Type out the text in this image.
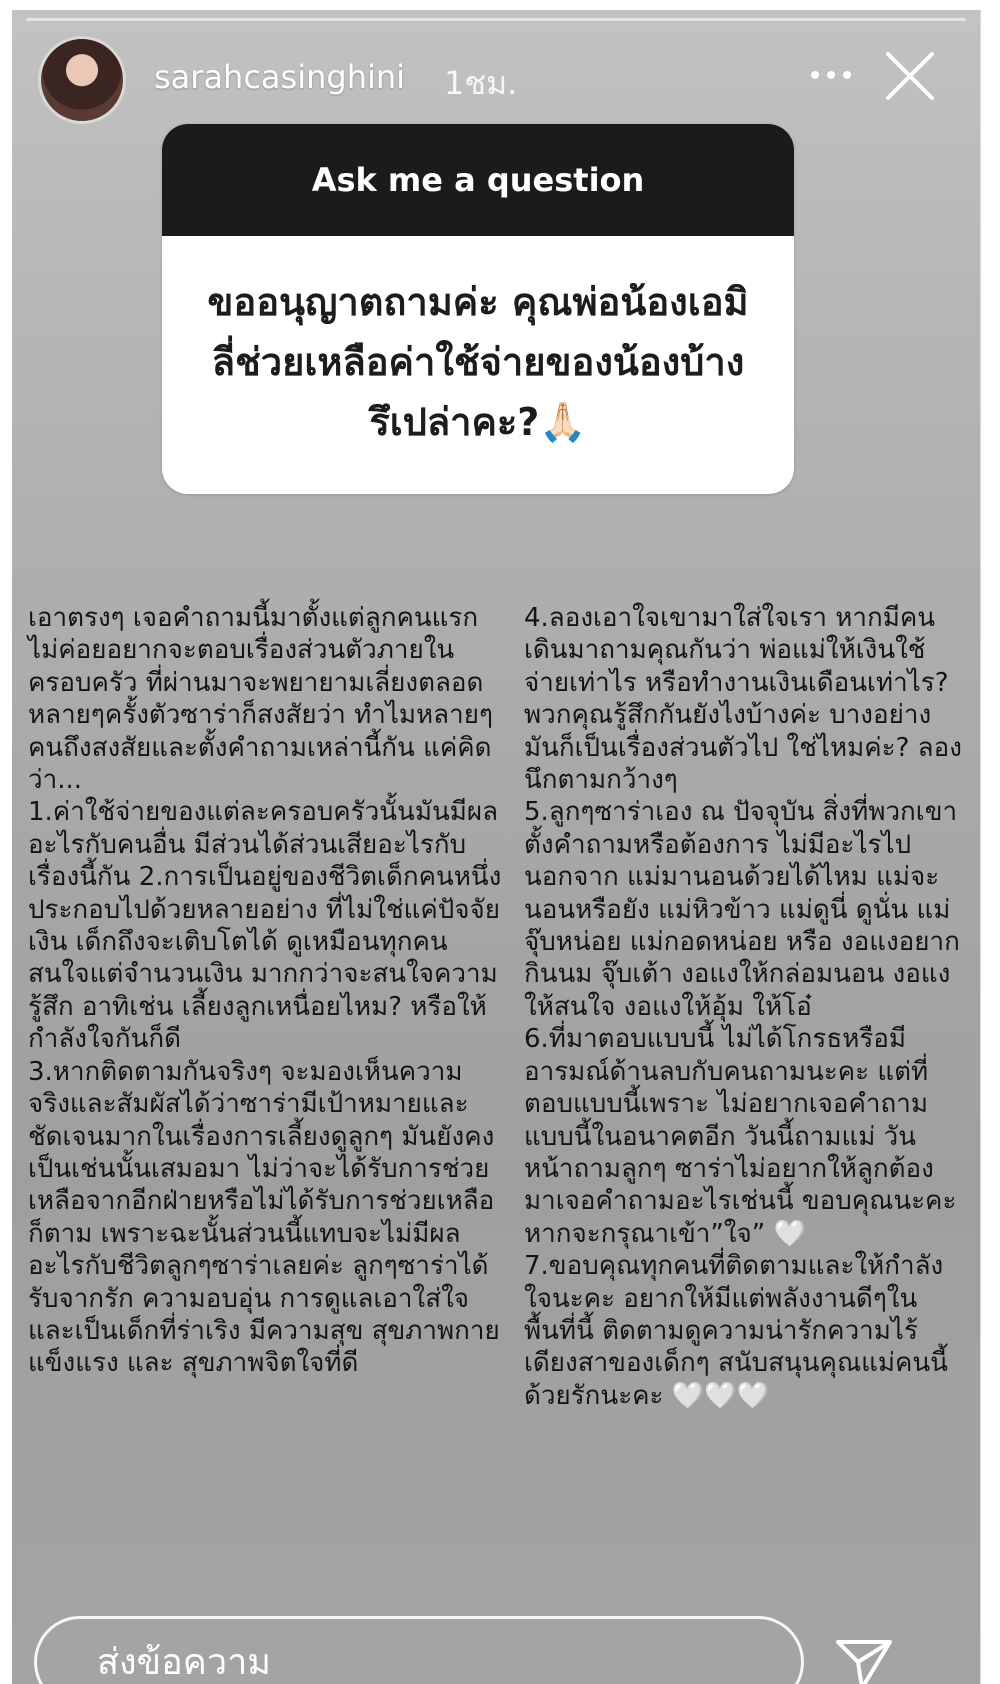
sarahcasinghini 1ชม.
Ask me a question
ขออนุญาตถามค่ะ คุณพ่อน้องเอมิลี่ช่วยเหลือค่าใช้จ่ายของน้องบ้างรึเปล่าคะ?🙏🏻

เอาตรงๆ เจอคำถามนี้มาตั้งแต่ลูกคนแรก ไม่ค่อยอยากจะตอบเรื่องส่วนตัวภายในครอบครัว ที่ผ่านมาจะพยายามเลี่ยงตลอด หลายๆครั้งตัวซาร่าก็สงสัยว่า ทำไมหลายๆคนถึงสงสัยและตั้งคำถามเหล่านี้กัน แค่คิดว่า...

1.ค่าใช้จ่ายของแต่ละครอบครัวนั้นมันมีผลอะไรกับคนอื่น มีส่วนได้ส่วนเสียอะไรกับเรื่องนี้กัน 2.การเป็นอยู่ของชีวิตเด็กคนหนึ่งประกอบไปด้วยหลายอย่าง ที่ไม่ใช่แค่ปัจจัยเงิน เด็กถึงจะเติบโตได้ ดูเหมือนทุกคนสนใจแต่จำนวนเงิน มากกว่าจะสนใจความรู้สึก อาทิเช่น เลี้ยงลูกเหนื่อยไหม? หรือให้กำลังใจกันก็ดี

3.หากติดตามกันจริงๆ จะมองเห็นความจริงและสัมผัสได้ว่าซาร่ามีเป้าหมายและชัดเจนมากในเรื่องการเลี้ยงดูลูกๆ มันยังคงเป็นเช่นนั้นเสมอมา ไม่ว่าจะได้รับการช่วยเหลือจากอีกฝ่ายหรือไม่ได้รับการช่วยเหลือก็ตาม เพราะฉะนั้นส่วนนี้แทบจะไม่มีผลอะไรกับชีวิตลูกๆซาร่าเลยค่ะ ลูกๆซาร่าได้รับจากรัก ความอบอุ่น การดูแลเอาใส่ใจ และเป็นเด็กที่ร่าเริง มีความสุข สุขภาพกายแข็งแรง และ สุขภาพจิตใจที่ดี

4.ลองเอาใจเขามาใส่ใจเรา หากมีคนเดินมาถามคุณกันว่า พ่อแม่ให้เงินใช้จ่ายเท่าไร หรือทำงานเงินเดือนเท่าไร? พวกคุณรู้สึกกันยังไงบ้างค่ะ บางอย่างมันก็เป็นเรื่องส่วนตัวไป ใช่ไหมค่ะ? ลองนึกตามกว้างๆ

5.ลูกๆซาร่าเอง ณ ปัจจุบัน สิ่งที่พวกเขาตั้งคำถามหรือต้องการ ไม่มีอะไรไปนอกจาก แม่มานอนด้วยได้ไหม แม่จะนอนหรือยัง แม่หิวข้าว แม่ดูนี่ ดูนั่น แม่จุ๊บหน่อย แม่กอดหน่อย หรือ งอแงอยากกินนม จุ๊บเต้า งอแงให้กล่อมนอน งอแงให้สนใจ งอแงให้อุ้ม ให้โอ๋

6.ที่มาตอบแบบนี้ ไม่ได้โกรธหรือมีอารมณ์ด้านลบกับคนถามนะคะ แต่ที่ตอบแบบนี้เพราะ ไม่อยากเจอคำถามแบบนี้ในอนาคตอีก วันนี้ถามแม่ วันหน้าถามลูกๆ ซาร่าไม่อยากให้ลูกต้องมาเจอคำถามอะไรเช่นนี้ ขอบคุณนะคะหากจะกรุณาเข้า”ใจ” 🤍

7.ขอบคุณทุกคนที่ติดตามและให้กำลังใจนะคะ อยากให้มีแต่พลังงานดีๆในพื้นที่นี้ ติดตามดูความน่ารักความไร้เดียงสาของเด็กๆ สนับสนุนคุณแม่คนนี้ ด้วยรักนะคะ 🤍🤍🤍

ส่งข้อความ
